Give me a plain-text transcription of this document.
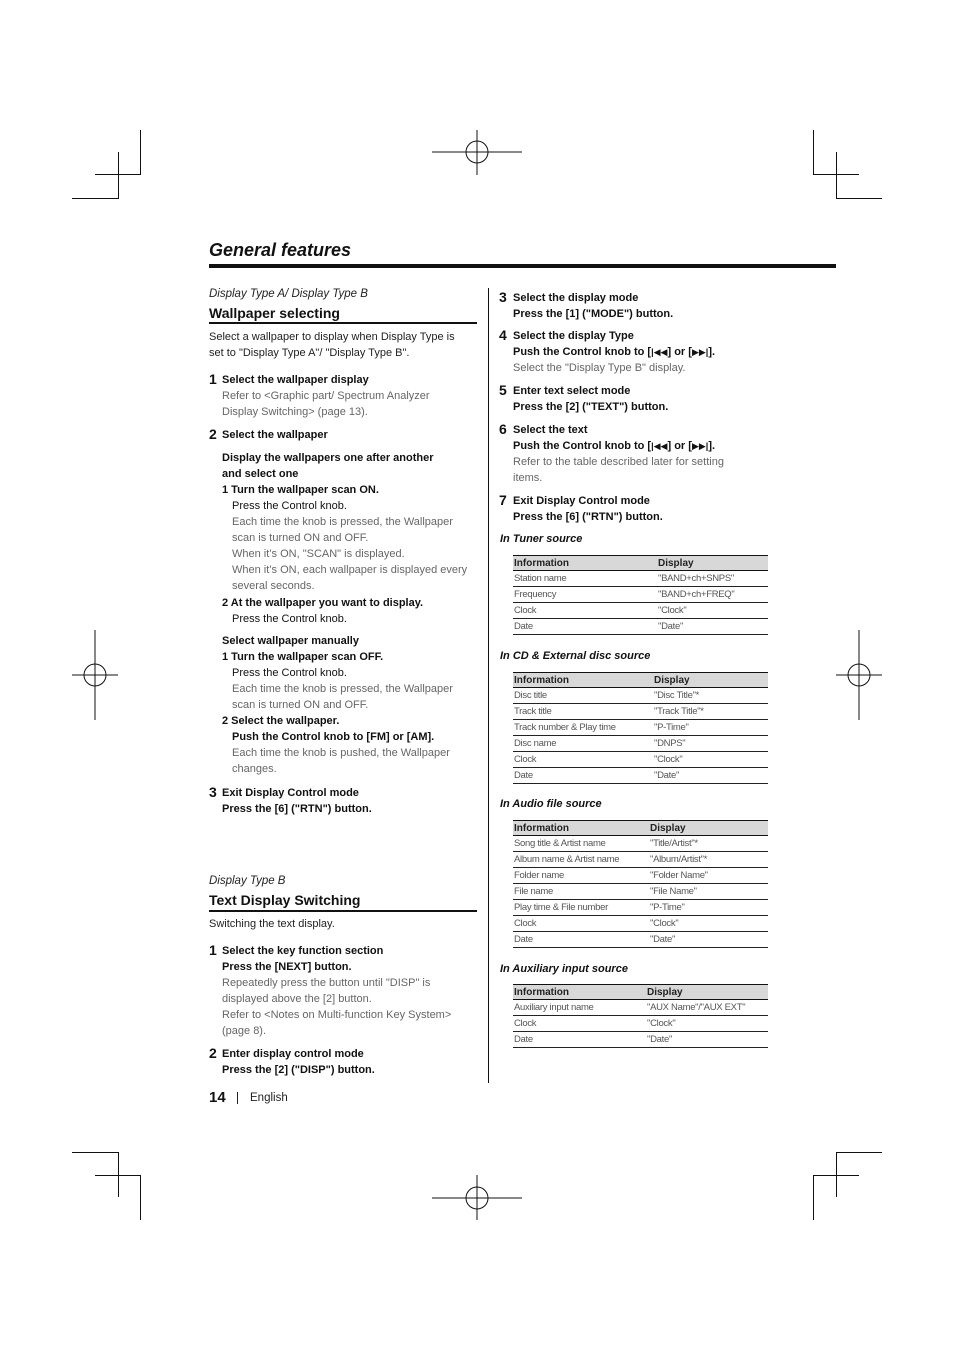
General features
Display Type A/ Display Type B
Wallpaper selecting
Select a wallpaper to display when Display Type is
set to "Display Type A"/ "Display Type B".
1 Select the wallpaper display
Refer to <Graphic part/ Spectrum Analyzer
Display Switching> (page 13).
2 Select the wallpaper
Display the wallpapers one after another
and select one
1 Turn the wallpaper scan ON.
Press the Control knob.
Each time the knob is pressed, the Wallpaper
scan is turned ON and OFF.
When it’s ON, "SCAN" is displayed.
When it’s ON, each wallpaper is displayed every
several seconds.
2 At the wallpaper you want to display.
Press the Control knob.
Select wallpaper manually
1 Turn the wallpaper scan OFF.
Press the Control knob.
Each time the knob is pressed, the Wallpaper
scan is turned ON and OFF.
2 Select the wallpaper.
Push the Control knob to [FM] or [AM].
Each time the knob is pushed, the Wallpaper
changes.
3 Exit Display Control mode
Press the [6] ("RTN") button.
Display Type B
Text Display Switching
Switching the text display.
1 Select the key function section
Press the [NEXT] button.
Repeatedly press the button until "DISP" is
displayed above the [2] button.
Refer to <Notes on Multi-function Key System>
(page 8).
2 Enter display control mode
Press the [2] ("DISP") button.
3 Select the display mode
Press the [1] ("MODE") button.
4 Select the display Type
Push the Control knob to [|◀◀] or [▶▶|].
Select the "Display Type B" display.
5 Enter text select mode
Press the [2] ("TEXT") button.
6 Select the text
Push the Control knob to [|◀◀] or [▶▶|].
Refer to the table described later for setting
items.
7 Exit Display Control mode
Press the [6] ("RTN") button.
In Tuner source
Information	Display
Station name	"BAND+ch+SNPS"
Frequency	"BAND+ch+FREQ"
Clock	"Clock"
Date	"Date"
In CD & External disc source
Information	Display
Disc title	"Disc Title"*
Track title	"Track Title"*
Track number & Play time	"P-Time"
Disc name	"DNPS"
Clock	"Clock"
Date	"Date"
In Audio file source
Information	Display
Song title & Artist name	"Title/Artist"*
Album name & Artist name	"Album/Artist"*
Folder name	"Folder Name"
File name	"File Name"
Play time & File number	"P-Time"
Clock	"Clock"
Date	"Date"
In Auxiliary input source
Information	Display
Auxiliary input name	"AUX Name"/"AUX EXT"
Clock	"Clock"
Date	"Date"
14 English
